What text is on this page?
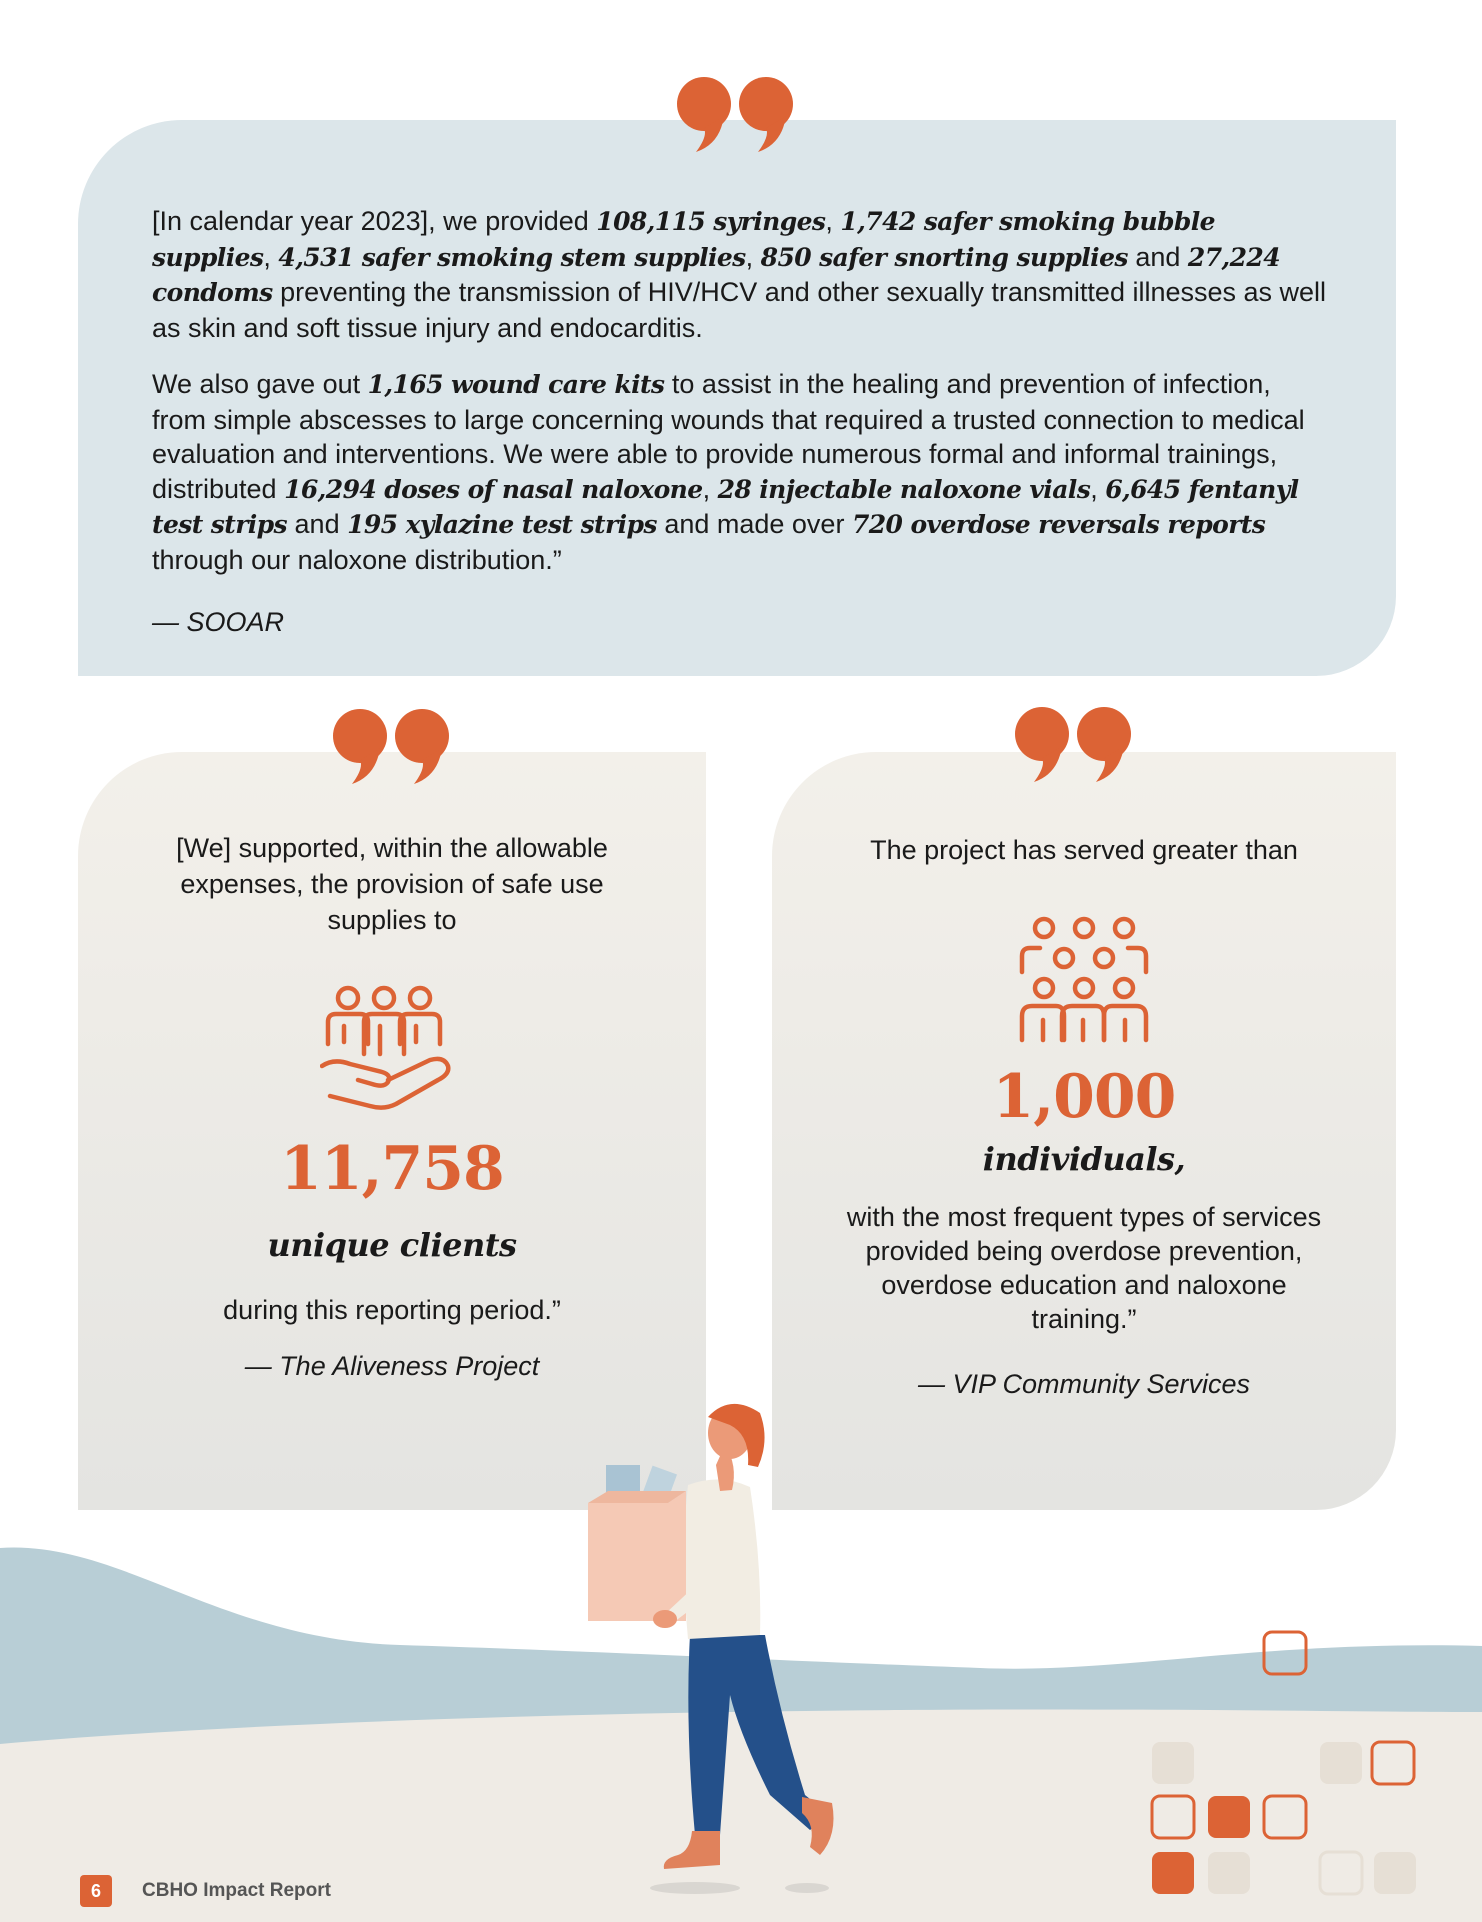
[In calendar year 2023], we provided 108,115 syringes, 1,742 safer smoking bubble supplies, 4,531 safer smoking stem supplies, 850 safer snorting supplies and 27,224 condoms preventing the transmission of HIV/HCV and other sexually transmitted illnesses as well as skin and soft tissue injury and endocarditis.

We also gave out 1,165 wound care kits to assist in the healing and prevention of infection, from simple abscesses to large concerning wounds that required a trusted connection to medical evaluation and interventions. We were able to provide numerous formal and informal trainings, distributed 16,294 doses of nasal naloxone, 28 injectable naloxone vials, 6,645 fentanyl test strips and 195 xylazine test strips and made over 720 overdose reversals reports through our naloxone distribution.”

— SOOAR
[We] supported, within the allowable expenses, the provision of safe use supplies to
11,758
unique clients
during this reporting period.”
— The Aliveness Project
The project has served greater than
1,000
individuals,
with the most frequent types of services provided being overdose prevention, overdose education and naloxone training.”
— VIP Community Services
6	CBHO Impact Report
